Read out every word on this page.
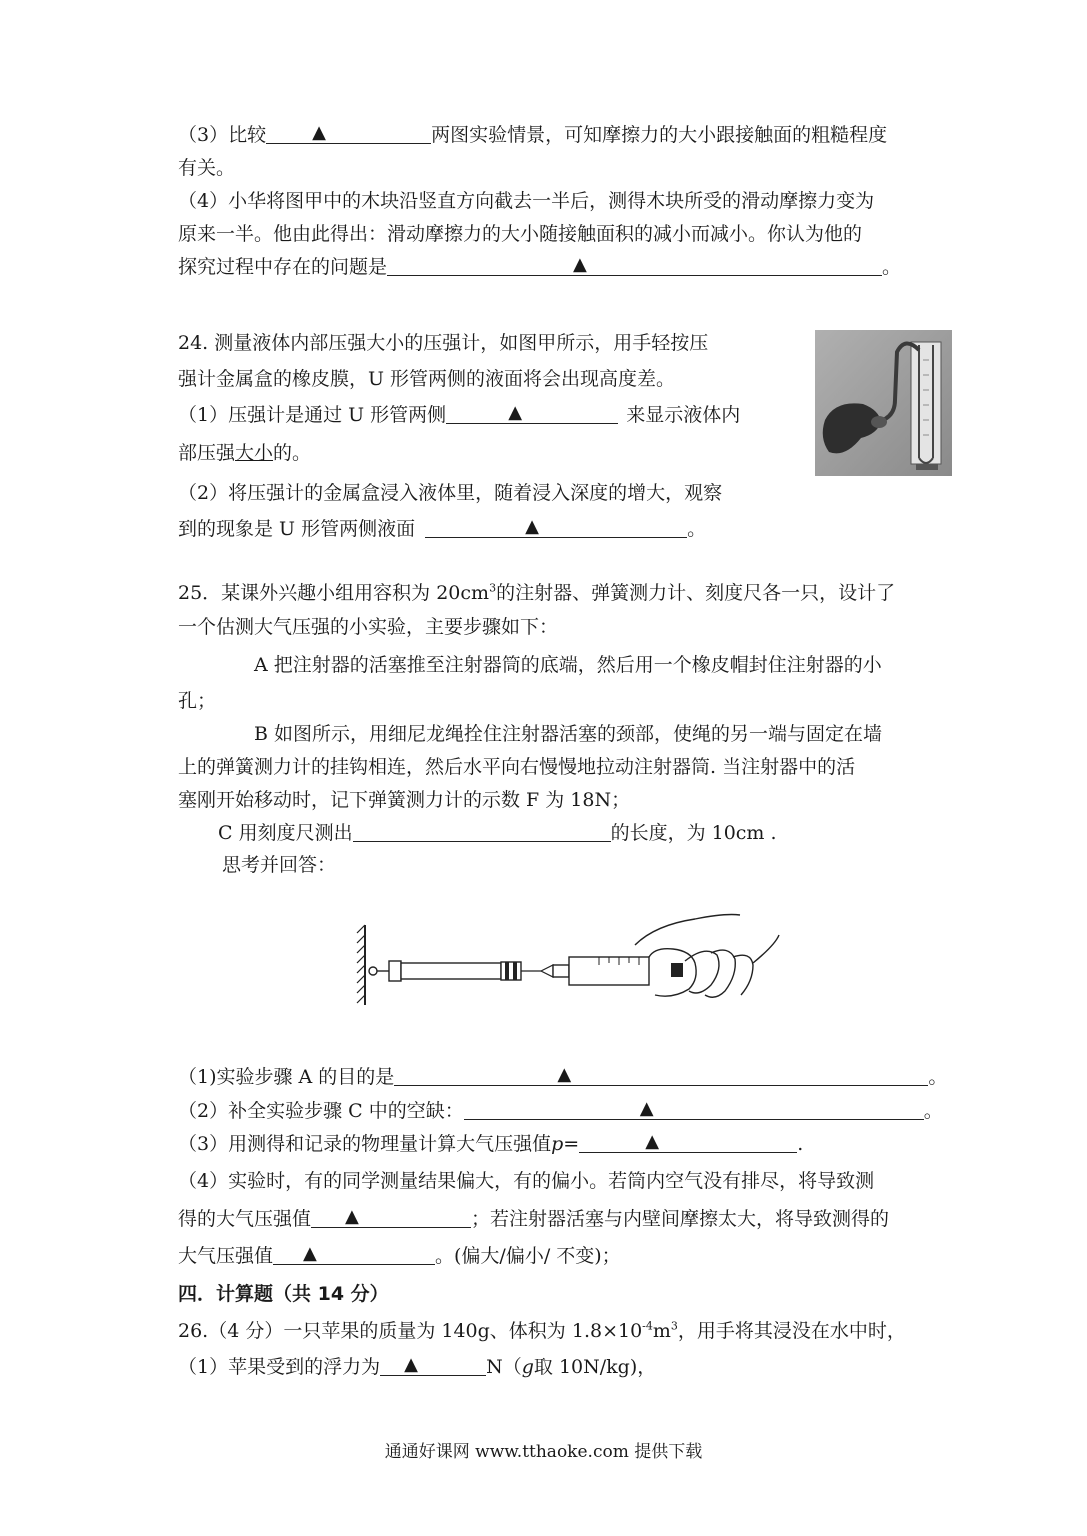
（3）比较	▲	两图实验情景，可知摩擦力的大小跟接触面的粗糙程度
有关。
（4）小华将图甲中的木块沿竖直方向截去一半后，测得木块所受的滑动摩擦力变为
原来一半。他由此得出：滑动摩擦力的大小随接触面积的减小而减小。你认为他的
探究过程中存在的问题是	▲	。
24. 测量液体内部压强大小的压强计，如图甲所示，用手轻按压
强计金属盒的橡皮膜，U 形管两侧的液面将会出现高度差。
（1）压强计是通过 U 形管两侧	▲	来显示液体内
部压强大小的。
（2）将压强计的金属盒浸入液体里，随着浸入深度的增大，观察
到的现象是 U 形管两侧液面	▲	。
25．某课外兴趣小组用容积为 $20cm^3$的注射器、弹簧测力计、刻度尺各一只，设计了
一个估测大气压强的小实验，主要步骤如下：
A 把注射器的活塞推至注射器筒的底端，然后用一个橡皮帽封住注射器的小
孔；
B 如图所示，用细尼龙绳拴住注射器活塞的颈部，使绳的另一端与固定在墙
上的弹簧测力计的挂钩相连，然后水平向右慢慢地拉动注射器筒. 当注射器中的活
塞刚开始移动时，记下弹簧测力计的示数 F 为 18N；
C 用刻度尺测出	的长度，为 10cm .
思考并回答：
（1)实验步骤 A 的目的是	▲	。
（2）补全实验步骤 C 中的空缺：	▲	。
（3）用测得和记录的物理量计算大气压强值p=	▲	.
（4）实验时，有的同学测量结果偏大，有的偏小。若筒内空气没有排尽，将导致测
得的大气压强值 ▲	；若注射器活塞与内壁间摩擦太大，将导致测得的
大气压强值 ▲	。(偏大/偏小/ 不变)；
四．计算题（共 14 分）
26.（4 分）一只苹果的质量为 140g、体积为 $1.8\times 10^{-4}m^3$，用手将其浸没在水中时，
（1）苹果受到的浮力为 ▲	N（g取 10N/kg)，
通通好课网 www.tthaoke.com 提供下载
